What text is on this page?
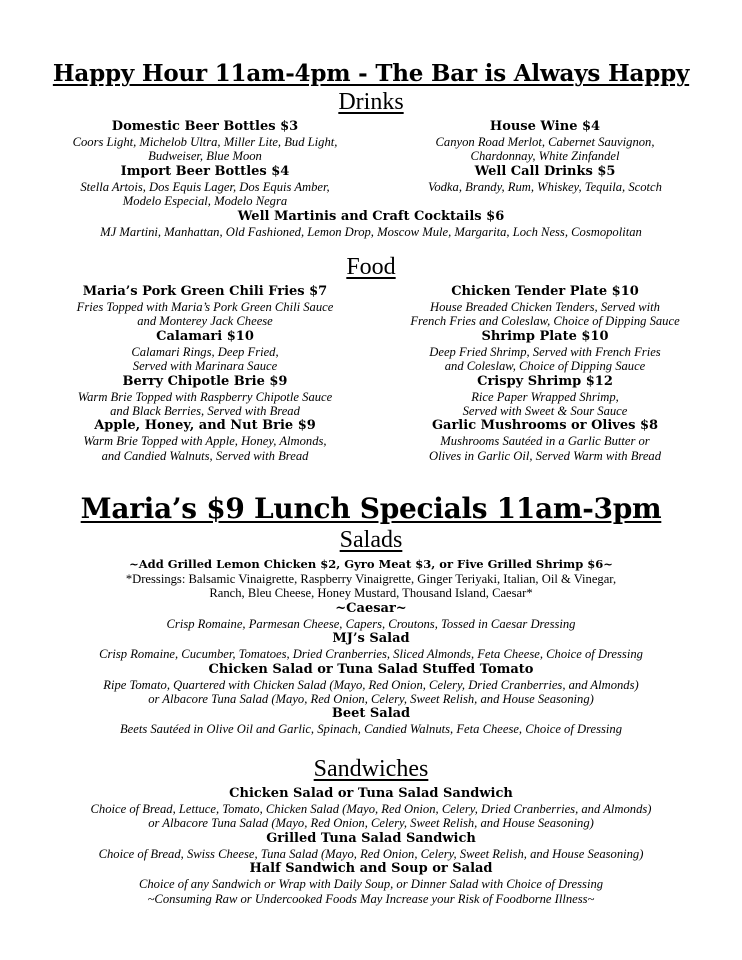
Happy Hour 11am-4pm - The Bar is Always Happy
Drinks
Domestic Beer Bottles $3
Coors Light, Michelob Ultra, Miller Lite, Bud Light,
Budweiser, Blue Moon
Import Beer Bottles $4
Stella Artois, Dos Equis Lager, Dos Equis Amber,
Modelo Especial, Modelo Negra
House Wine $4
Canyon Road Merlot, Cabernet Sauvignon,
Chardonnay, White Zinfandel
Well Call Drinks $5
Vodka, Brandy, Rum, Whiskey, Tequila, Scotch
Well Martinis and Craft Cocktails $6
MJ Martini, Manhattan, Old Fashioned, Lemon Drop, Moscow Mule, Margarita, Loch Ness, Cosmopolitan
Food
Maria’s Pork Green Chili Fries $7
Fries Topped with Maria’s Pork Green Chili Sauce
and Monterey Jack Cheese
Calamari $10
Calamari Rings, Deep Fried,
Served with Marinara Sauce
Berry Chipotle Brie $9
Warm Brie Topped with Raspberry Chipotle Sauce
and Black Berries, Served with Bread
Apple, Honey, and Nut Brie $9
Warm Brie Topped with Apple, Honey, Almonds,
and Candied Walnuts, Served with Bread
Chicken Tender Plate $10
House Breaded Chicken Tenders, Served with
French Fries and Coleslaw, Choice of Dipping Sauce
Shrimp Plate $10
Deep Fried Shrimp, Served with French Fries
and Coleslaw, Choice of Dipping Sauce
Crispy Shrimp $12
Rice Paper Wrapped Shrimp,
Served with Sweet & Sour Sauce
Garlic Mushrooms or Olives $8
Mushrooms Sautéed in a Garlic Butter or
Olives in Garlic Oil, Served Warm with Bread
Maria’s $9 Lunch Specials 11am-3pm
Salads
~Add Grilled Lemon Chicken $2, Gyro Meat $3, or Five Grilled Shrimp $6~
*Dressings: Balsamic Vinaigrette, Raspberry Vinaigrette, Ginger Teriyaki, Italian, Oil & Vinegar,
Ranch, Bleu Cheese, Honey Mustard, Thousand Island, Caesar*
~Caesar~
Crisp Romaine, Parmesan Cheese, Capers, Croutons, Tossed in Caesar Dressing
MJ’s Salad
Crisp Romaine, Cucumber, Tomatoes, Dried Cranberries, Sliced Almonds, Feta Cheese, Choice of Dressing
Chicken Salad or Tuna Salad Stuffed Tomato
Ripe Tomato, Quartered with Chicken Salad (Mayo, Red Onion, Celery, Dried Cranberries, and Almonds)
or Albacore Tuna Salad (Mayo, Red Onion, Celery, Sweet Relish, and House Seasoning)
Beet Salad
Beets Sautéed in Olive Oil and Garlic, Spinach, Candied Walnuts, Feta Cheese, Choice of Dressing
Sandwiches
Chicken Salad or Tuna Salad Sandwich
Choice of Bread, Lettuce, Tomato, Chicken Salad (Mayo, Red Onion, Celery, Dried Cranberries, and Almonds)
or Albacore Tuna Salad (Mayo, Red Onion, Celery, Sweet Relish, and House Seasoning)
Grilled Tuna Salad Sandwich
Choice of Bread, Swiss Cheese, Tuna Salad (Mayo, Red Onion, Celery, Sweet Relish, and House Seasoning)
Half Sandwich and Soup or Salad
Choice of any Sandwich or Wrap with Daily Soup, or Dinner Salad with Choice of Dressing
~Consuming Raw or Undercooked Foods May Increase your Risk of Foodborne Illness~
